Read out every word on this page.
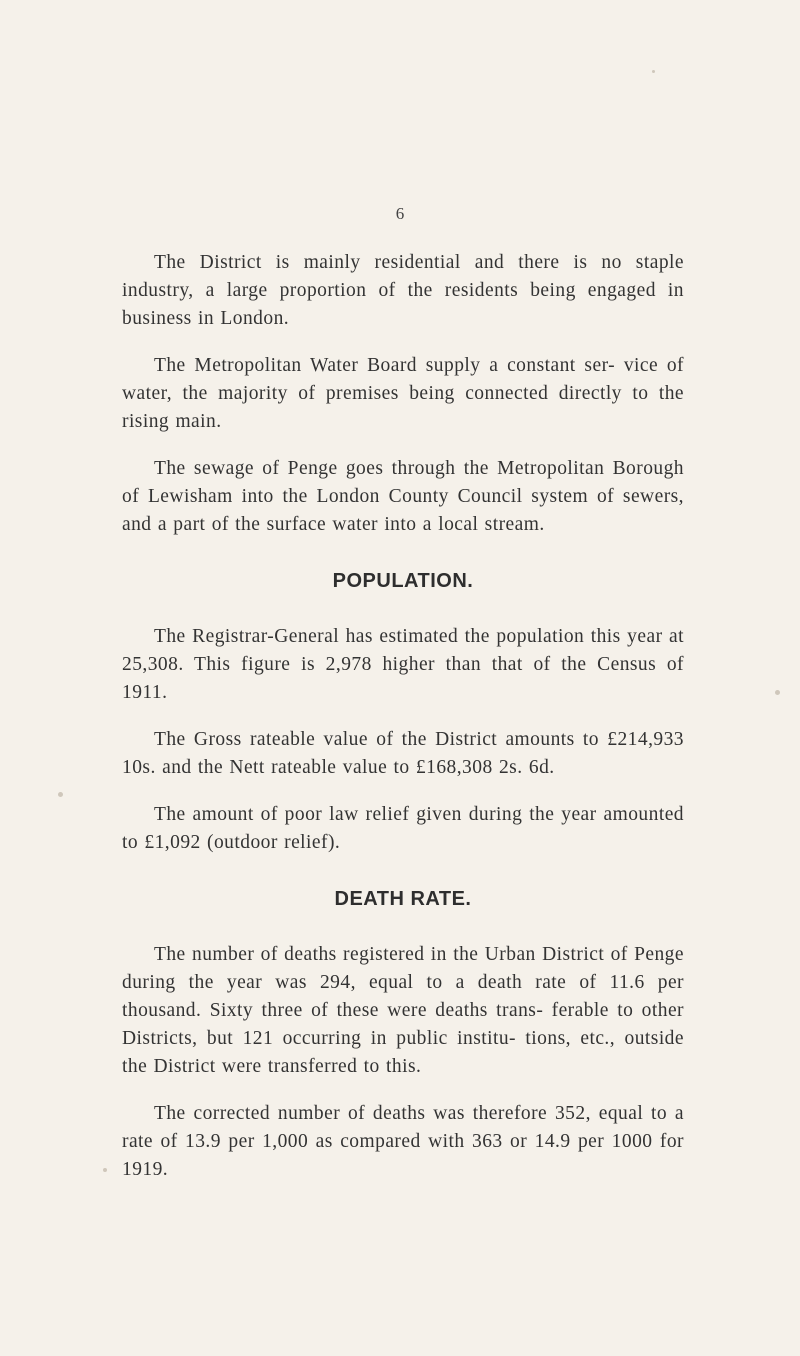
6

The District is mainly residential and there is no staple industry, a large proportion of the residents being engaged in business in London.

The Metropolitan Water Board supply a constant ser- vice of water, the majority of premises being connected directly to the rising main.

The sewage of Penge goes through the Metropolitan Borough of Lewisham into the London County Council system of sewers, and a part of the surface water into a local stream.

POPULATION.

The Registrar-General has estimated the population this year at 25,308. This figure is 2,978 higher than that of the Census of 1911.

The Gross rateable value of the District amounts to £214,933 10s. and the Nett rateable value to £168,308 2s. 6d.

The amount of poor law relief given during the year amounted to £1,092 (outdoor relief).

DEATH RATE.

The number of deaths registered in the Urban District of Penge during the year was 294, equal to a death rate of 11.6 per thousand. Sixty three of these were deaths trans- ferable to other Districts, but 121 occurring in public institu- tions, etc., outside the District were transferred to this.

The corrected number of deaths was therefore 352, equal to a rate of 13.9 per 1,000 as compared with 363 or 14.9 per 1000 for 1919.
